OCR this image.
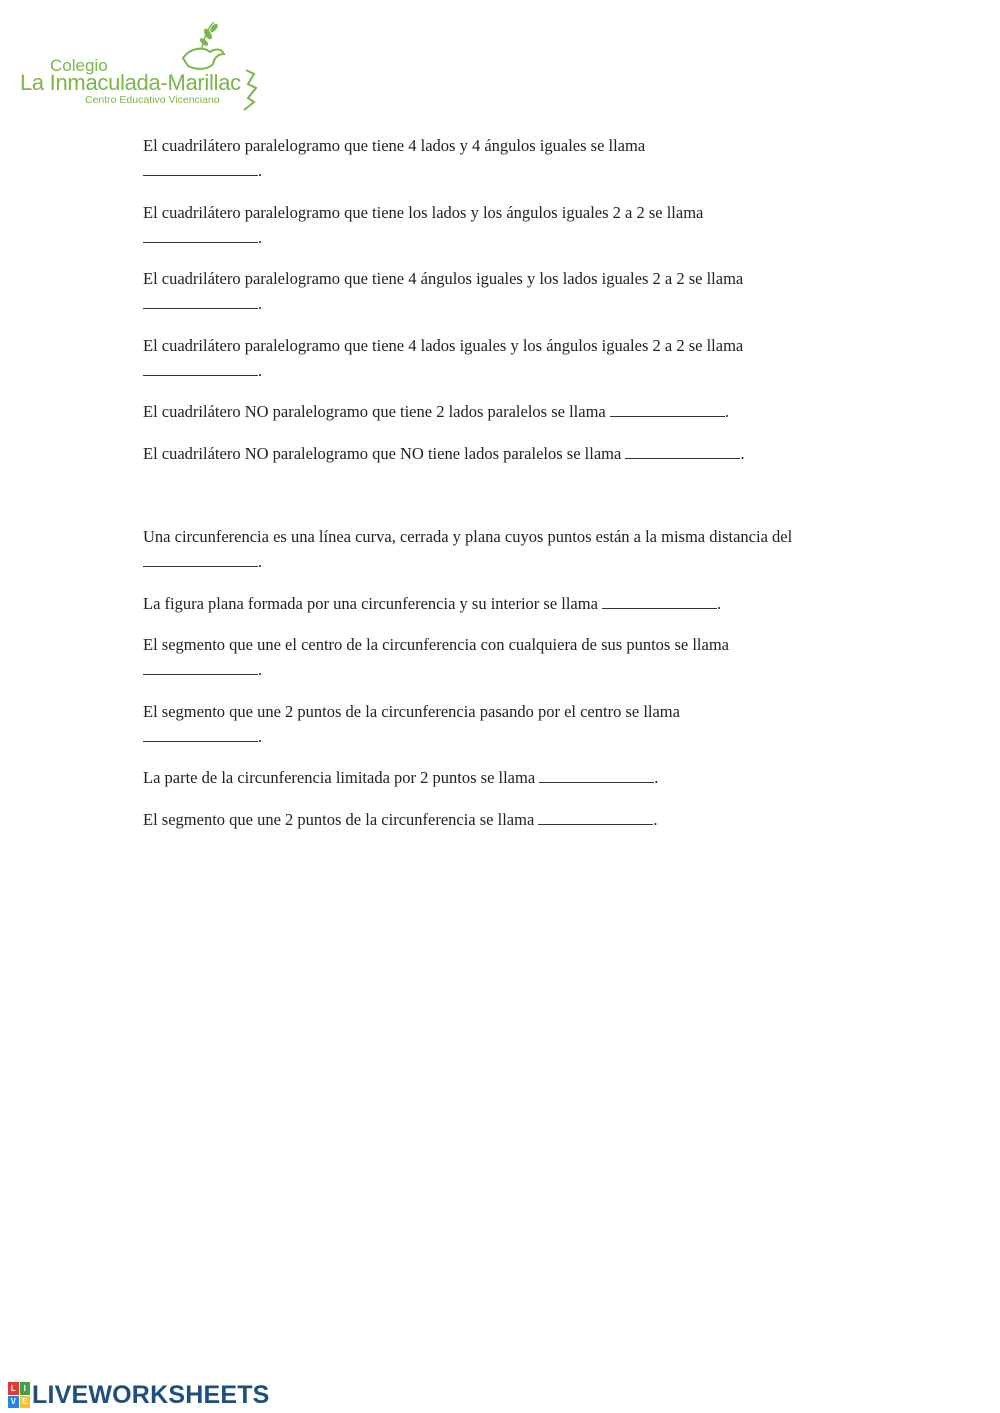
Colegio
La Inmaculada-Marillac
Centro Educativo Vicenciano

El cuadrilátero paralelogramo que tiene 4 lados y 4 ángulos iguales se llama
.

El cuadrilátero paralelogramo que tiene los lados y los ángulos iguales 2 a 2 se llama
.

El cuadrilátero paralelogramo que tiene 4 ángulos iguales y los lados iguales 2 a 2 se llama
.

El cuadrilátero paralelogramo que tiene 4 lados iguales y los ángulos iguales 2 a 2 se llama
.

El cuadrilátero NO paralelogramo que tiene 2 lados paralelos se llama	.

El cuadrilátero NO paralelogramo que NO tiene lados paralelos se llama	.

Una circunferencia es una línea curva, cerrada y plana cuyos puntos están a la misma distancia del .

La figura plana formada por una circunferencia y su interior se llama	.

El segmento que une el centro de la circunferencia con cualquiera de sus puntos se llama
.

El segmento que une 2 puntos de la circunferencia pasando por el centro se llama
.

La parte de la circunferencia limitada por 2 puntos se llama	.

El segmento que une 2 puntos de la circunferencia se llama	.

L I
V E LIVEWORKSHEETS
